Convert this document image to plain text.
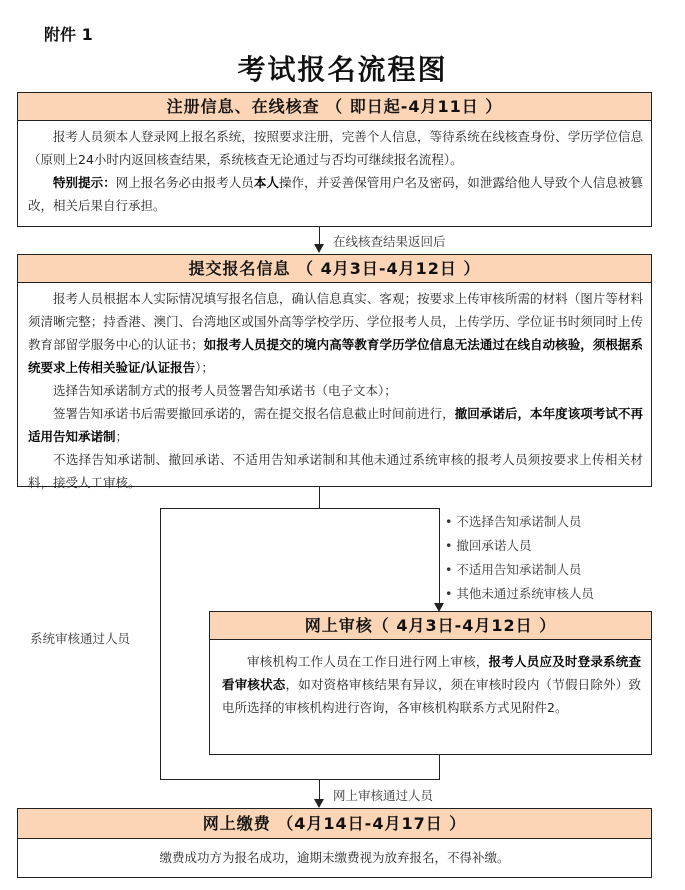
附件 1
考试报名流程图
注册信息、在线核查 （ 即日起-4月11日 ）

报考人员须本人登录网上报名系统，按照要求注册，完善个人信息，等待系统在线核查身份、学历学位信息（原则上24小时内返回核查结果，系统核查无论通过与否均可继续报名流程）。

特别提示：网上报名务必由报考人员本人操作，并妥善保管用户名及密码，如泄露给他人导致个人信息被篡改，相关后果自行承担。

在线核查结果返回后
提交报名信息 （ 4月3日-4月12日 ）

报考人员根据本人实际情况填写报名信息，确认信息真实、客观；按要求上传审核所需的材料（图片等材料须清晰完整；持香港、澳门、台湾地区或国外高等学校学历、学位报考人员，上传学历、学位证书时须同时上传教育部留学服务中心的认证书；如报考人员提交的境内高等教育学历学位信息无法通过在线自动核验，须根据系统要求上传相关验证/认证报告）；

选择告知承诺制方式的报考人员签署告知承诺书（电子文本）；

签署告知承诺书后需要撤回承诺的，需在提交报名信息截止时间前进行，撤回承诺后，本年度该项考试不再适用告知承诺制；

不选择告知承诺制、撤回承诺、不适用告知承诺制和其他未通过系统审核的报考人员须按要求上传相关材料，接受人工审核。

• 不选择告知承诺制人员
• 撤回承诺人员
• 不适用告知承诺制人员
• 其他未通过系统审核人员
系统审核通过人员
网上审核（ 4月3日-4月12日 ）

审核机构工作人员在工作日进行网上审核，报考人员应及时登录系统查看审核状态，如对资格审核结果有异议，须在审核时段内（节假日除外）致电所选择的审核机构进行咨询，各审核机构联系方式见附件2。

网上审核通过人员
网上缴费 （4月14日-4月17日 ）
缴费成功方为报名成功，逾期未缴费视为放弃报名，不得补缴。
